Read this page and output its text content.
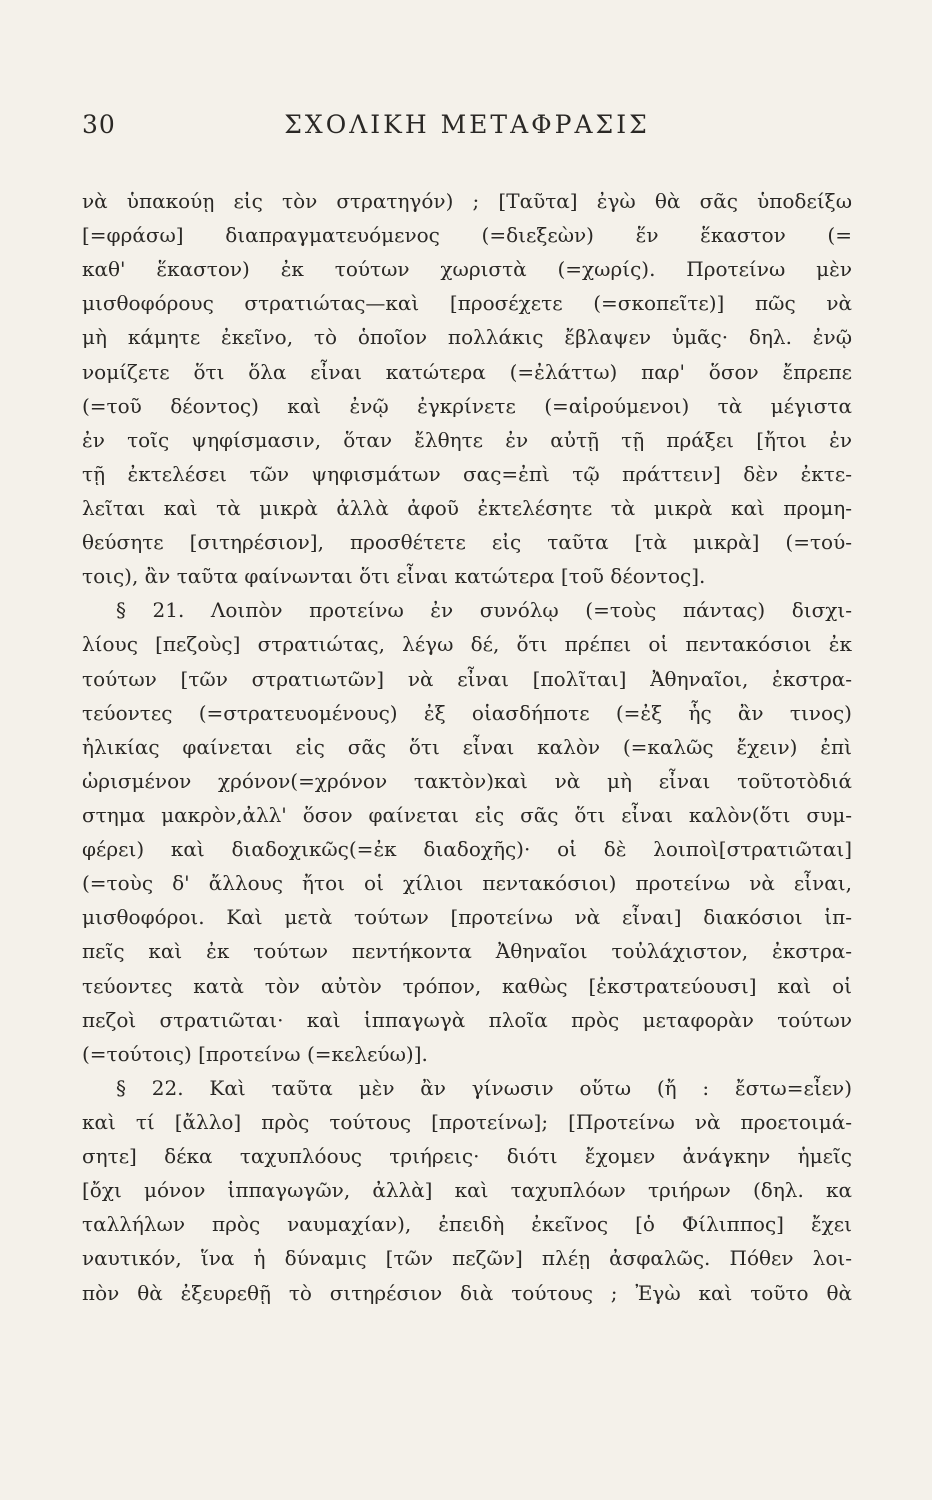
30	ΣΧΟΛΙΚΗ ΜΕΤΑΦΡΑΣΙΣ
νὰ ὑπακούῃ εἰς τὸν στρατηγόν) ; [Ταῦτα] ἐγὼ θὰ σᾶς ὑποδείξω
[=φράσω] διαπραγματευόμενος (=διεξεὼν) ἕν ἕκαστον (=
καθ' ἕκαστον) ἐκ τούτων χωριστὰ (=χωρίς). Προτείνω μὲν
μισθοφόρους στρατιώτας—καὶ [προσέχετε (=σκοπεῖτε)] πῶς νὰ
μὴ κάμητε ἐκεῖνο, τὸ ὁποῖον πολλάκις ἔβλαψεν ὑμᾶς· δηλ. ἐνῷ
νομίζετε ὅτι ὅλα εἶναι κατώτερα (=ἐλάττω) παρ' ὅσον ἔπρεπε
(=τοῦ δέοντος) καὶ ἐνῷ ἐγκρίνετε (=αἱρούμενοι) τὰ μέγιστα
ἐν τοῖς ψηφίσμασιν, ὅταν ἔλθητε ἐν αὐτῇ τῇ πράξει [ἤτοι ἐν
τῇ ἐκτελέσει τῶν ψηφισμάτων σας=ἐπὶ τῷ πράττειν] δὲν ἐκτε-
λεῖται καὶ τὰ μικρὰ ἀλλὰ ἀφοῦ ἐκτελέσητε τὰ μικρὰ καὶ προμη-
θεύσητε [σιτηρέσιον], προσθέτετε εἰς ταῦτα [τὰ μικρὰ] (=τού-
τοις), ἂν ταῦτα φαίνωνται ὅτι εἶναι κατώτερα [τοῦ δέοντος].
§ 21. Λοιπὸν προτείνω ἐν συνόλῳ (=τοὺς πάντας) δισχι-
λίους [πεζοὺς] στρατιώτας, λέγω δέ, ὅτι πρέπει οἱ πεντακόσιοι ἐκ
τούτων [τῶν στρατιωτῶν] νὰ εἶναι [πολῖται] Ἀθηναῖοι, ἐκστρα-
τεύοντες (=στρατευομένους) ἐξ οἱασδήποτε (=ἐξ ἧς ἂν τινος)
ἡλικίας φαίνεται εἰς σᾶς ὅτι εἶναι καλὸν (=καλῶς ἔχειν) ἐπὶ
ὡρισμένον χρόνον(=χρόνον τακτὸν)καὶ νὰ μὴ εἶναι τοῦτοτὸδιά
στημα μακρὸν,ἀλλ' ὅσον φαίνεται εἰς σᾶς ὅτι εἶναι καλὸν(ὅτι συμ-
φέρει) καὶ διαδοχικῶς(=ἐκ διαδοχῆς)· οἱ δὲ λοιποὶ[στρατιῶται]
(=τοὺς δ' ἄλλους ἤτοι οἱ χίλιοι πεντακόσιοι) προτείνω νὰ εἶναι,
μισθοφόροι. Καὶ μετὰ τούτων [προτείνω νὰ εἶναι] διακόσιοι ἱπ-
πεῖς καὶ ἐκ τούτων πεντήκοντα Ἀθηναῖοι τοὐλάχιστον, ἐκστρα-
τεύοντες κατὰ τὸν αὐτὸν τρόπον, καθὼς [ἐκστρατεύουσι] καὶ οἱ
πεζοὶ στρατιῶται· καὶ ἱππαγωγὰ πλοῖα πρὸς μεταφορὰν τούτων
(=τούτοις) [προτείνω (=κελεύω)].
§ 22. Καὶ ταῦτα μὲν ἂν γίνωσιν οὕτω (ἤ : ἔστω=εἶεν)
καὶ τί [ἄλλο] πρὸς τούτους [προτείνω]; [Προτείνω νὰ προετοιμά-
σητε] δέκα ταχυπλόους τριήρεις· διότι ἔχομεν ἀνάγκην ἡμεῖς
[ὄχι μόνον ἱππαγωγῶν, ἀλλὰ] καὶ ταχυπλόων τριήρων (δηλ. κα
ταλλήλων πρὸς ναυμαχίαν), ἐπειδὴ ἐκεῖνος [ὁ Φίλιππος] ἔχει
ναυτικόν, ἵνα ἡ δύναμις [τῶν πεζῶν] πλέῃ ἀσφαλῶς. Πόθεν λοι-
πὸν θὰ ἐξευρεθῇ τὸ σιτηρέσιον διὰ τούτους ; Ἐγὼ καὶ τοῦτο θὰ
